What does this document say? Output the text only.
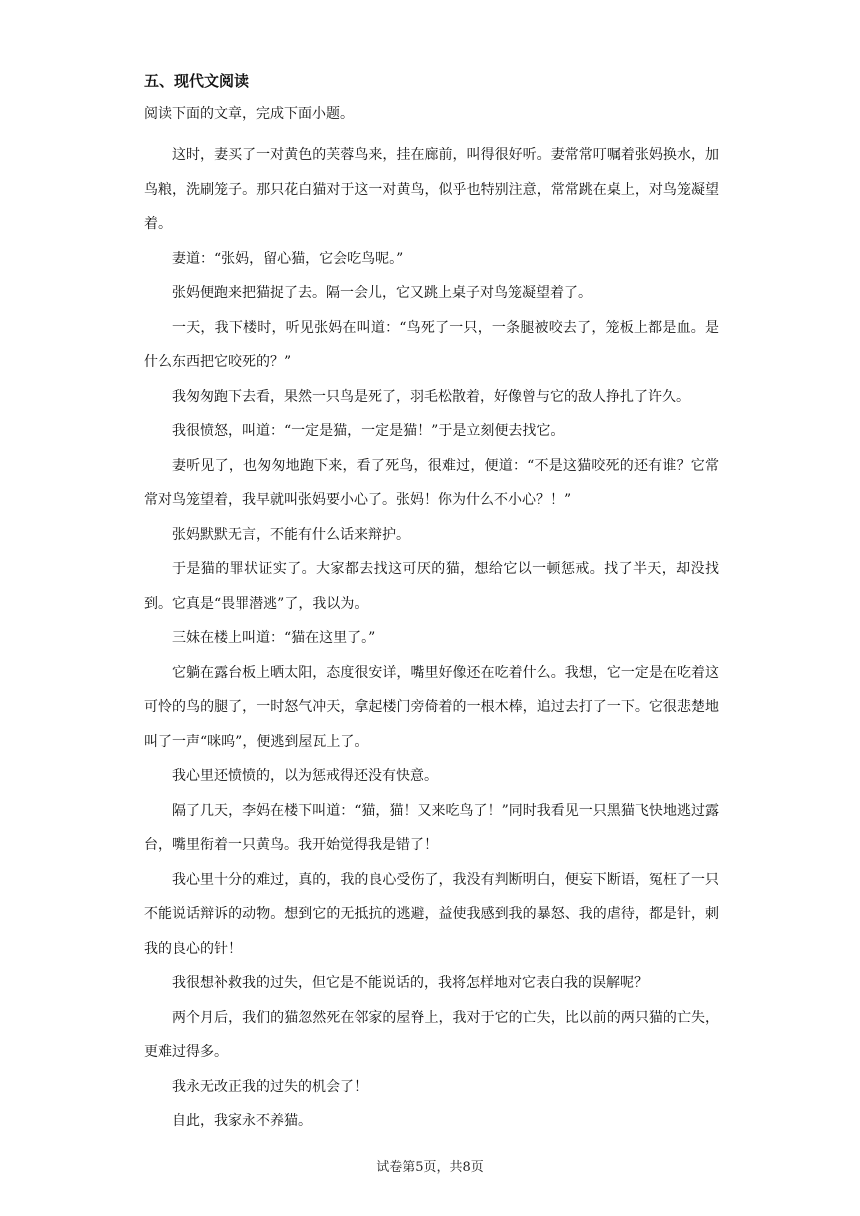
五、现代文阅读
阅读下面的文章，完成下面小题。

这时，妻买了一对黄色的芙蓉鸟来，挂在廊前，叫得很好听。妻常常叮嘱着张妈换水，加鸟粮，洗刷笼子。那只花白猫对于这一对黄鸟，似乎也特别注意，常常跳在桌上，对鸟笼凝望着。

妻道：“张妈，留心猫，它会吃鸟呢。”

张妈便跑来把猫捉了去。隔一会儿，它又跳上桌子对鸟笼凝望着了。

一天，我下楼时，听见张妈在叫道：“鸟死了一只，一条腿被咬去了，笼板上都是血。是什么东西把它咬死的？”

我匆匆跑下去看，果然一只鸟是死了，羽毛松散着，好像曾与它的敌人挣扎了许久。

我很愤怒，叫道：“一定是猫，一定是猫！”于是立刻便去找它。

妻听见了，也匆匆地跑下来，看了死鸟，很难过，便道：“不是这猫咬死的还有谁？它常常对鸟笼望着，我早就叫张妈要小心了。张妈！你为什么不小心？！”

张妈默默无言，不能有什么话来辩护。

于是猫的罪状证实了。大家都去找这可厌的猫，想给它以一顿惩戒。找了半天，却没找到。它真是“畏罪潜逃”了，我以为。

三妹在楼上叫道：“猫在这里了。”

它躺在露台板上晒太阳，态度很安详，嘴里好像还在吃着什么。我想，它一定是在吃着这可怜的鸟的腿了，一时怒气冲天，拿起楼门旁倚着的一根木棒，追过去打了一下。它很悲楚地叫了一声“咪呜”，便逃到屋瓦上了。

我心里还愤愤的，以为惩戒得还没有快意。

隔了几天，李妈在楼下叫道：“猫，猫！又来吃鸟了！”同时我看见一只黑猫飞快地逃过露台，嘴里衔着一只黄鸟。我开始觉得我是错了！

我心里十分的难过，真的，我的良心受伤了，我没有判断明白，便妄下断语，冤枉了一只不能说话辩诉的动物。想到它的无抵抗的逃避，益使我感到我的暴怒、我的虐待，都是针，刺我的良心的针！

我很想补救我的过失，但它是不能说话的，我将怎样地对它表白我的误解呢？

两个月后，我们的猫忽然死在邻家的屋脊上，我对于它的亡失，比以前的两只猫的亡失，更难过得多。

我永无改正我的过失的机会了！

自此，我家永不养猫。

试卷第5页，共8页
